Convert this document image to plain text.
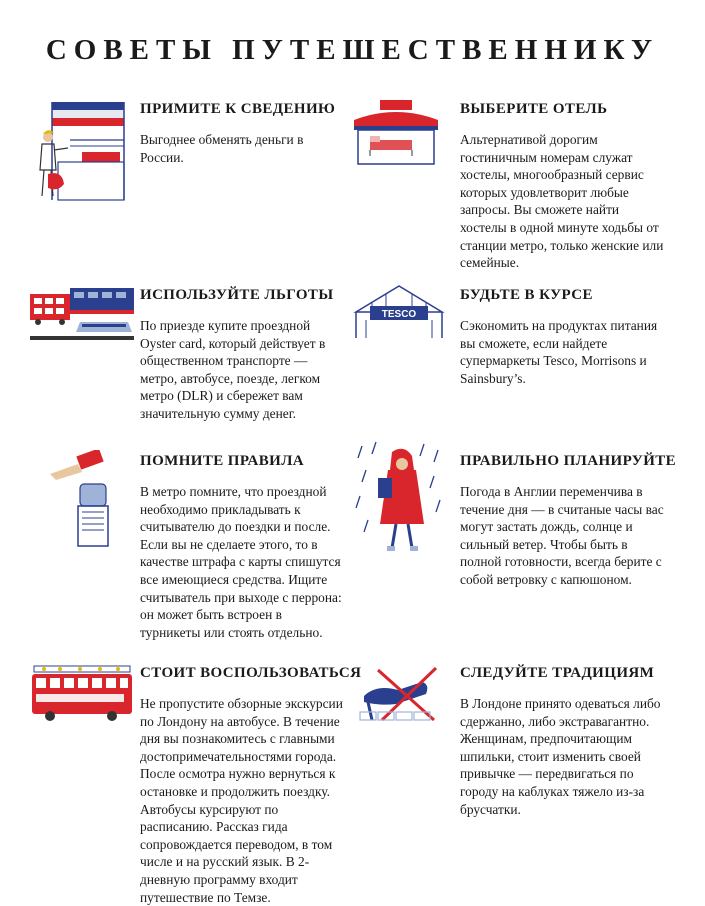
СОВЕТЫ ПУТЕШЕСТВЕННИКУ
ПРИМИТЕ К СВЕДЕНИЮ

Выгоднее обменять деньги в России.

ВЫБЕРИТЕ ОТЕЛЬ

Альтернативой дорогим гостиничным номерам служат хостелы, многообразный сервис которых удовлетворит любые запросы. Вы сможете найти хостелы в одной минуте ходьбы от станции метро, только женские или семейные.

ИСПОЛЬЗУЙТЕ ЛЬГОТЫ

По приезде купите проездной Oyster card, который действует в общественном транспорте — метро, автобусе, поезде, легком метро (DLR) и сбережет вам значительную сумму денег.

TESCO
БУДЬТЕ В КУРСЕ

Сэкономить на продуктах питания вы сможете, если найдете супермаркеты Tesco, Morrisons и Sainsbury’s.

ПОМНИТЕ ПРАВИЛА

В метро помните, что проездной необходимо прикладывать к считывателю до поездки и после. Если вы не сделаете этого, то в качестве штрафа с карты спишутся все имеющиеся средства. Ищите считыватель при выходе с перрона: он может быть встроен в турникеты или стоять отдельно.

ПРАВИЛЬНО ПЛАНИРУЙТЕ

Погода в Англии переменчива в течение дня — в считаные часы вас могут застать дождь, солнце и сильный ветер. Чтобы быть в полной готовности, всегда берите с собой ветровку с капюшоном.

СТОИТ ВОСПОЛЬЗОВАТЬСЯ

Не пропустите обзорные экскурсии по Лондону на автобусе. В течение дня вы познакомитесь с главными достопримечательностями города. После осмотра нужно вернуться к остановке и продолжить поездку. Автобусы курсируют по расписанию. Рассказ гида сопровождается переводом, в том числе и на русский язык. В 2-дневную программу входит путешествие по Темзе.

СЛЕДУЙТЕ ТРАДИЦИЯМ

В Лондоне принято одеваться либо сдержанно, либо экстравагантно. Женщинам, предпочитающим шпильки, стоит изменить своей привычке — передвигаться по городу на каблуках тяжело из-за брусчатки.
